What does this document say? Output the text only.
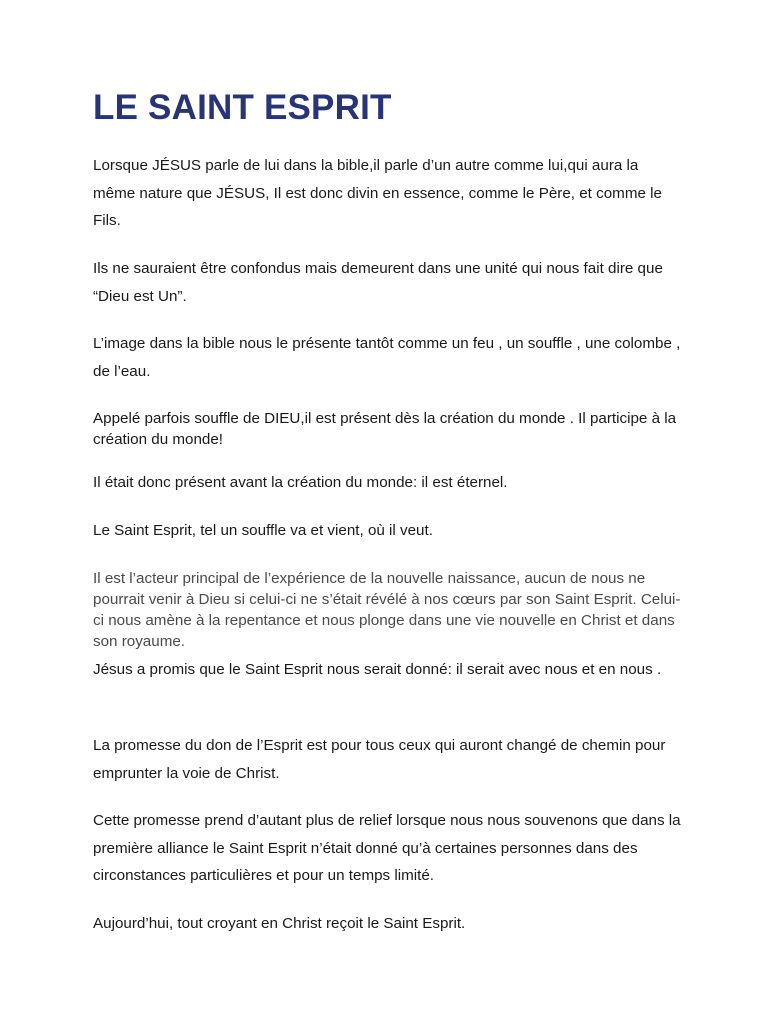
LE SAINT ESPRIT

Lorsque JÉSUS parle de lui dans la bible,il parle d’un autre comme lui,qui aura la même nature que JÉSUS, Il est donc divin en essence, comme le Père, et comme le Fils.

Ils ne sauraient être confondus mais demeurent dans une unité qui nous fait dire que “Dieu est Un”.

L’image dans la bible nous le présente tantôt comme un feu , un souffle , une colombe , de l’eau.

Appelé parfois souffle de DIEU,il est présent dès la création du monde . Il participe à la création du monde!

Il était donc présent avant la création du monde: il est éternel.

Le Saint Esprit, tel un souffle va et vient, où il veut.

Il est l’acteur principal de l’expérience de la nouvelle naissance, aucun de nous ne pourrait venir à Dieu si celui-ci ne s’était révélé à nos cœurs par son Saint Esprit. Celui-ci nous amène à la repentance et nous plonge dans une vie nouvelle en Christ et dans son royaume.

Jésus a promis que le Saint Esprit nous serait donné: il serait avec nous et en nous .

La promesse du don de l’Esprit est pour tous ceux qui auront changé de chemin pour emprunter la voie de Christ.

Cette promesse prend d’autant plus de relief lorsque nous nous souvenons que dans la première alliance le Saint Esprit n’était donné qu’à certaines personnes dans des circonstances particulières et pour un temps limité.

Aujourd’hui, tout croyant en Christ reçoit le Saint Esprit.
